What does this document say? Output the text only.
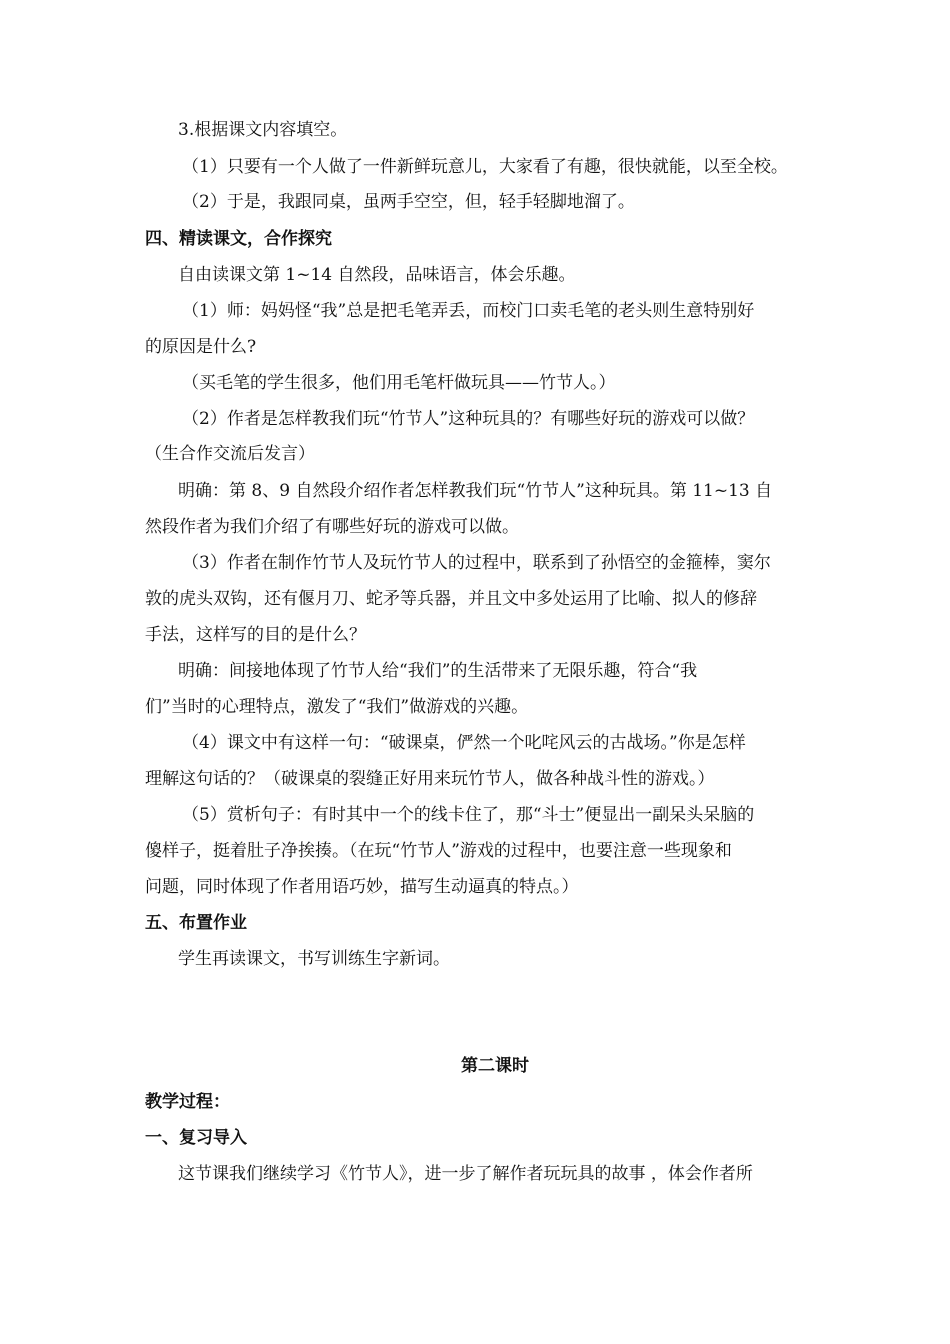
3.根据课文内容填空。
（1）只要有一个人做了一件新鲜玩意儿，大家看了有趣，很快就能，以至全校。
（2）于是，我跟同桌，虽两手空空，但，轻手轻脚地溜了。
四、精读课文，合作探究
自由读课文第 1~14 自然段，品味语言，体会乐趣。
（1）师：妈妈怪“我”总是把毛笔弄丢，而校门口卖毛笔的老头则生意特别好
的原因是什么?
（买毛笔的学生很多，他们用毛笔杆做玩具——竹节人。）
（2）作者是怎样教我们玩“竹节人”这种玩具的？有哪些好玩的游戏可以做？
（生合作交流后发言）
明确：第 8、9 自然段介绍作者怎样教我们玩“竹节人”这种玩具。第 11~13 自
然段作者为我们介绍了有哪些好玩的游戏可以做。
（3）作者在制作竹节人及玩竹节人的过程中，联系到了孙悟空的金箍棒，窦尔
敦的虎头双钩，还有偃月刀、蛇矛等兵器，并且文中多处运用了比喻、拟人的修辞
手法，这样写的目的是什么？
明确：间接地体现了竹节人给“我们”的生活带来了无限乐趣，符合“我
们”当时的心理特点，激发了“我们”做游戏的兴趣。
（4）课文中有这样一句：“破课桌，俨然一个叱咤风云的古战场。”你是怎样
理解这句话的？（破课桌的裂缝正好用来玩竹节人，做各种战斗性的游戏。）
（5）赏析句子：有时其中一个的线卡住了，那“斗士”便显出一副呆头呆脑的
傻样子，挺着肚子净挨揍。（在玩“竹节人”游戏的过程中，也要注意一些现象和
问题，同时体现了作者用语巧妙，描写生动逼真的特点。）
五、布置作业
学生再读课文，书写训练生字新词。
第二课时
教学过程：
一、复习导入
这节课我们继续学习《竹节人》，进一步了解作者玩玩具的故事 ，体会作者所
